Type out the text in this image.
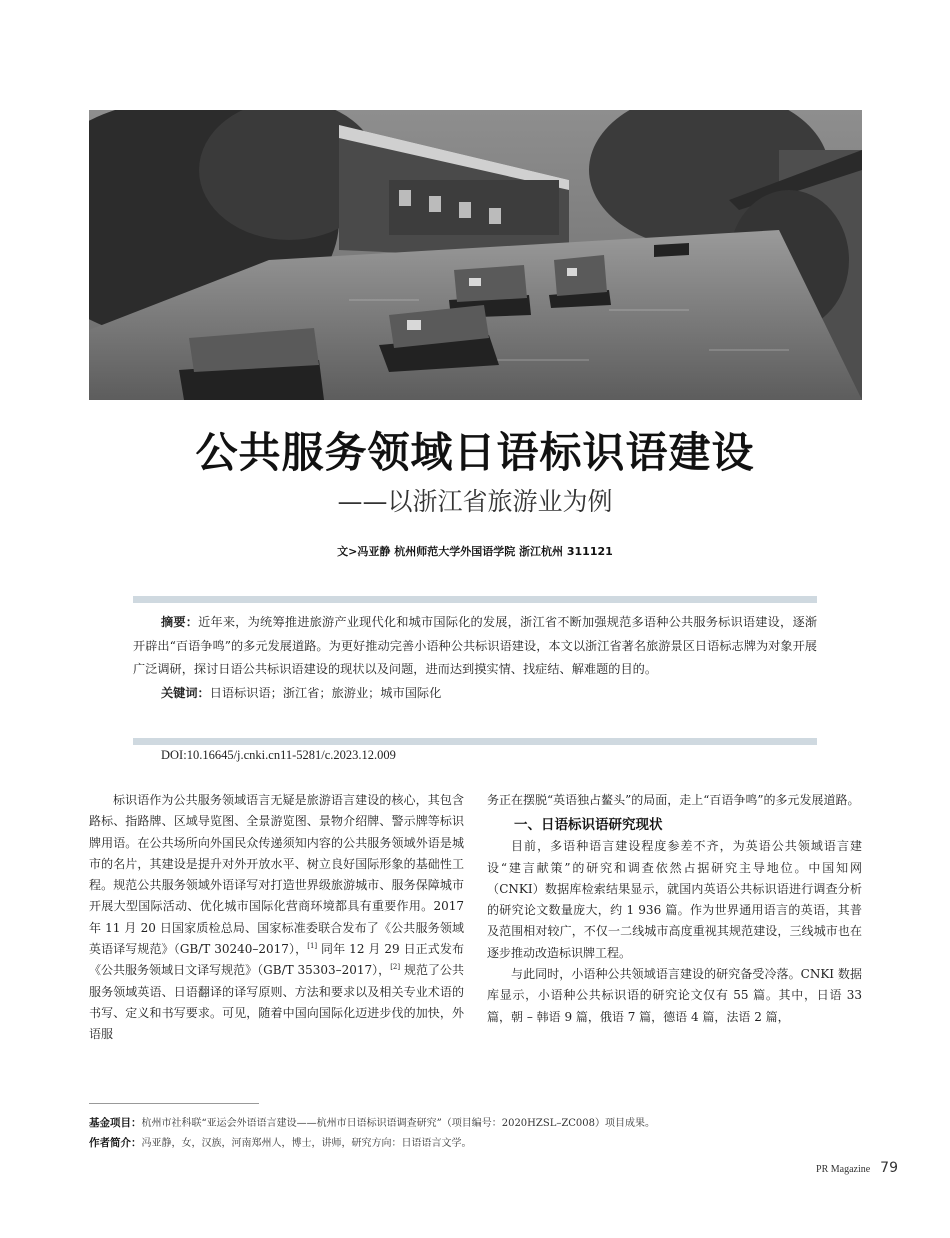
公共服务领域日语标识语建设
——以浙江省旅游业为例
文>冯亚静 杭州师范大学外国语学院 浙江杭州 311121

摘要：近年来，为统筹推进旅游产业现代化和城市国际化的发展，浙江省不断加强规范多语种公共服务标识语建设，逐渐开辟出“百语争鸣”的多元发展道路。为更好推动完善小语种公共标识语建设，本文以浙江省著名旅游景区日语标志牌为对象开展广泛调研，探讨日语公共标识语建设的现状以及问题，进而达到摸实情、找症结、解难题的目的。

关键词：日语标识语；浙江省；旅游业；城市国际化

DOI:10.16645/j.cnki.cn11-5281/c.2023.12.009

标识语作为公共服务领域语言无疑是旅游语言建设的核心，其包含路标、指路牌、区域导览图、全景游览图、景物介绍牌、警示牌等标识牌用语。在公共场所向外国民众传递须知内容的公共服务领域外语是城市的名片，其建设是提升对外开放水平、树立良好国际形象的基础性工程。规范公共服务领域外语译写对打造世界级旅游城市、服务保障城市开展大型国际活动、优化城市国际化营商环境都具有重要作用。2017 年 11 月 20 日国家质检总局、国家标准委联合发布了《公共服务领域英语译写规范》（GB/T 30240–2017），[1] 同年 12 月 29 日正式发布《公共服务领域日文译写规范》（GB/T 35303–2017），[2] 规范了公共服务领域英语、日语翻译的译写原则、方法和要求以及相关专业术语的书写、定义和书写要求。可见，随着中国向国际化迈进步伐的加快，外语服

务正在摆脱“英语独占鳌头”的局面，走上“百语争鸣”的多元发展道路。

一、日语标识语研究现状

目前，多语种语言建设程度参差不齐，为英语公共领域语言建设“建言献策”的研究和调查依然占据研究主导地位。中国知网（CNKI）数据库检索结果显示，就国内英语公共标识语进行调查分析的研究论文数量庞大，约 1 936 篇。作为世界通用语言的英语，其普及范围相对较广，不仅一二线城市高度重视其规范建设，三线城市也在逐步推动改造标识牌工程。

与此同时，小语种公共领域语言建设的研究备受冷落。CNKI 数据库显示，小语种公共标识语的研究论文仅有 55 篇。其中，日语 33 篇，朝 – 韩语 9 篇，俄语 7 篇，德语 4 篇，法语 2 篇，

基金项目：杭州市社科联“亚运会外语语言建设——杭州市日语标识语调查研究”（项目编号：2020HZSL–ZC008）项目成果。
作者简介：冯亚静，女，汉族，河南郑州人，博士，讲师，研究方向：日语语言文学。
PR Magazine 79
